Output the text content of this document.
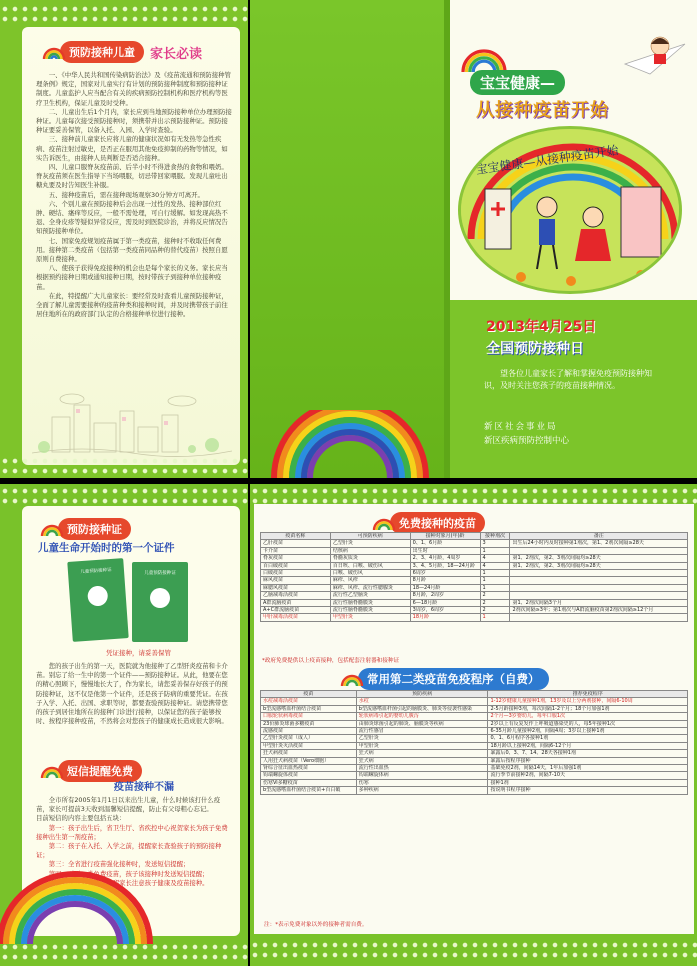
预防接种儿童	家长必读

一、《中华人民共和国传染病防治法》及《疫苗流通和预防接种管理条例》规定，国家对儿童实行有计划的预防接种制度和预防接种证制度。儿童监护人应当配合有关的疾病预防控制机构和医疗机构等医疗卫生机构，保证儿童及时受种。

二、儿童出生后1个月内，家长应到当地预防接种单位办理预防接种证。儿童每次接受预防接种时，须携带并出示预防接种证。预防接种证要妥善保管，以备入托、入园、入学时查验。

三、接种前儿童家长应将儿童的健康状况如有无发热等急性疾病、疫苗注射过敏史，是否正在服用其他免疫抑制的药物等情况，如实告诉医生，由接种人员判断是否适合接种。

四、儿童口服脊灰疫苗前、后半小时不得进食热的食物和喂奶。脊灰疫苗须在医生指导下当场喂服，切忌带回家喂服。发现儿童吐出糖丸要及时告知医生补服。

五、接种疫苗后，需在接种现场观察30分钟方可离开。

六、个别儿童在预防接种后会出现一过性的发热、接种部位红肿、硬结、瘙痒等反应，一般不需处理，可自行缓解。如发现高热不退、全身皮疹等疑似异常反应，需及时到医院诊治，并将反应情况告知预防接种单位。

七、国家免疫规划疫苗属于第一类疫苗，接种时不收取任何费用。接种第二类疫苗（包括第一类疫苗同品种的替代疫苗）按照自愿原则自费接种。

八、使孩子获得免疫接种的机会也是每个家长的义务。家长应当根据预约接种日期或通知接种日期，按时带孩子到接种单位接种疫苗。

在此，特提醒广大儿童家长：要经常及时查看儿童预防接种证，全面了解儿童需要接种的疫苗种类和接种时间，并及时携带孩子前往居住地所在的政府部门认定的合格接种单位进行接种。

宝宝健康—
从接种疫苗开始
宝宝健康—从接种疫苗开始
2013年4月25日
全国预防接种日
望各位儿童家长了解和掌握免疫预防接种知识，及时关注您孩子的疫苗接种情况。
新区社会事业局
新区疾病预防控制中心
预防接种证
儿童生命开始时的第一个证件
儿童预防接种证	儿童预防接种证
凭证接种，请妥善保管
您的孩子出生的第一天，医院就为他接种了乙型肝炎疫苗和卡介苗。别忘了给一生中的第一个证件——预防接种证。从此，他要在您的精心照顾下，慢慢地长大了，作为家长，请您妥善保存好孩子的预防接种证，这不仅是他第一个证件，还是孩子防病的重要凭证。在孩子入学、入托、出国、求职等时，都要查验预防接种证。请您携带您的孩子到居住地所在的接种门诊进行接种，以保证您的孩子能够按时、按程序接种疫苗，不然将会对您孩子的健康成长造成很大影响。
短信提醒免费
疫苗接种不漏

全市所有2005年1月1日以来出生儿童，什么时候该打什么疫苗，家长可提前3天收到温馨短信提醒，防止有父母粗心忘记。

目前短信的内容主要包括五块：

第一：孩子出生后，省卫生厅、省疾控中心祝贺家长为孩子免费接种出生第一剂疫苗；

第二：孩子在入托、入学之前，提醒家长查验孩子的预防接种证；

第三：全省进行疫苗强化接种时，发送短信提醒；

第四：对于一类免费疫苗，孩子该接种时发送短信提醒；

第五：在春节期间，提醒家长注意孩子健康及疫苗接种。

免费接种的疫苗
疫苗名称	可预防疾病	接种对象月(年)龄	接种剂次	备注
乙肝疫苗	乙型肝炎	0、1、6月龄	3	出生后24小时内及时接种第1剂次，第1、2剂次间隔≥28天
卡介苗	结核病	出生时	1	
脊灰疫苗	脊髓灰质炎	2、3、4月龄，4周岁	4	第1、2剂次，第2、3剂次间隔均≥28天
百白破疫苗	百日咳、白喉、破伤风	3、4、5月龄，18—24月龄	4	第1、2剂次，第2、3剂次间隔均≥28天
白破疫苗	白喉、破伤风	6周岁	1	
麻风疫苗	麻疹、风疹	8月龄	1	
麻腮风疫苗	麻疹、风疹、流行性腮腺炎	18—24月龄	1	
乙脑减毒活疫苗	流行性乙型脑炎	8月龄，2周岁	2	
A群流脑疫苗	流行性脑脊髓膜炎	6—18月龄	2	第1、2剂次间隔3个月
A+C群流脑疫苗	流行性脑脊髓膜炎	3周岁，6周岁	2	2剂次间隔≥3年；第1剂次与A群流脑疫苗第2剂次间隔≥12个月
甲肝减毒活疫苗	甲型肝炎	18月龄	1	
*政府免费提供以上疫苗接种，包括配套注射器和接种证
常用第二类疫苗免疫程序（自费）
疫苗	预防疾病	推荐免疫程序
水痘减毒活疫苗	水痘	1-12岁健康儿童接种1剂，13岁及以上分两剂接种，间隔6-10周
b型流感嗜血杆菌结合疫苗	b型流感嗜血杆菌引起的脑膜炎、肺炎等侵袭性感染	2-5月龄接种3剂，每次间隔1-2个月；18个月加强1剂
口服轮状病毒疫苗	轮状病毒引起的婴幼儿腹泻	2个月—3岁婴幼儿，每年口服1次
23价肺炎球菌多糖疫苗	由肺炎球菌引起的肺炎、脑膜炎等疾病	2岁以上有反复发作上呼吸道感染史的人，每5年接种1次
流感疫苗	流行性感冒	6-35月龄儿童接种2剂，间隔4周；3岁以上接种1剂
乙型肝炎疫苗（成人）	乙型肝炎	0、1、6月程序各接种1剂
甲型肝炎灭活疫苗	甲型肝炎	18月龄以上接种2剂，间隔6-12个月
狂犬病疫苗	狂犬病	暴露后0、3、7、14、28天各接种1剂
人用狂犬病疫苗（Vero细胞）	狂犬病	暴露后按程序接种
肾综合征出血热疫苗	流行性出血热	基础免疫2剂，间隔14天，1年后加强1剂
钩端螺旋体疫苗	钩端螺旋体病	流行季节前接种2剂，间隔7-10天
伤寒Vi多糖疫苗	伤寒	接种1剂
b型流感嗜血杆菌结合疫苗+百白破	多种疾病	按说明书程序接种
注：*表示免费对象以外的接种者需自费。
